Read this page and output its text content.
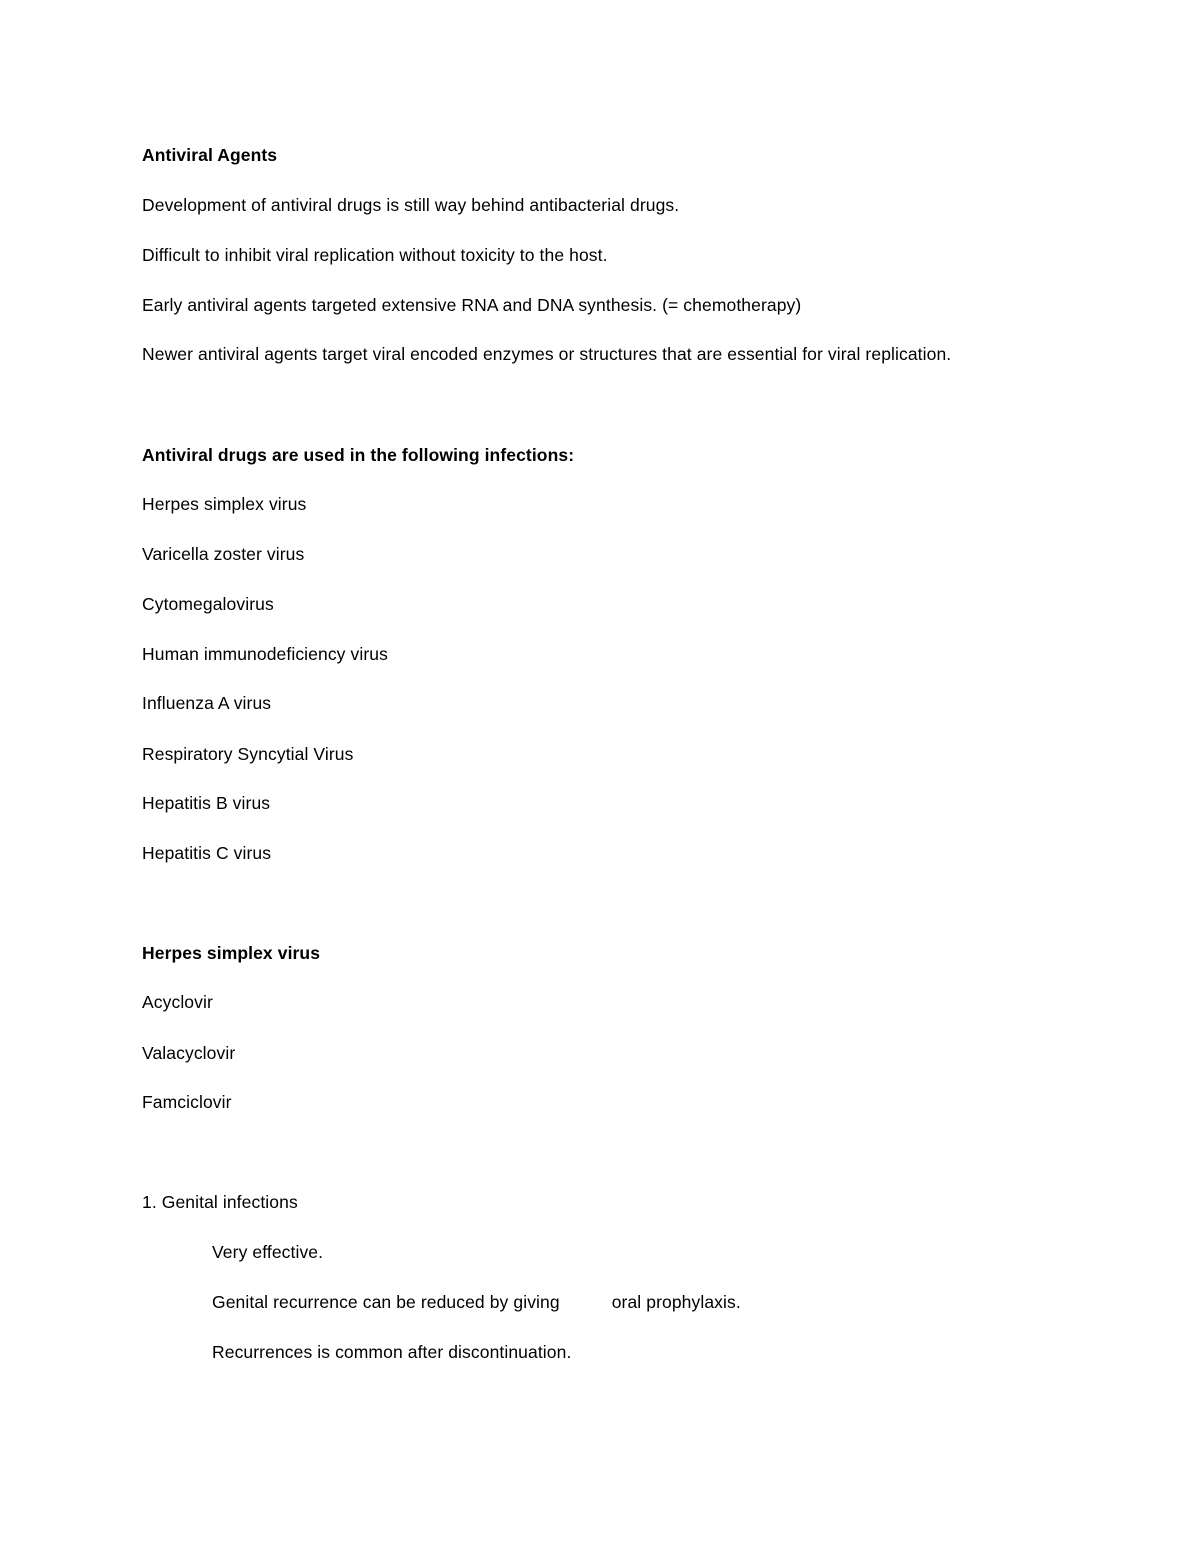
Antiviral Agents
Development of antiviral drugs is still way behind antibacterial drugs.
Difficult to inhibit viral replication without toxicity to the host.
Early antiviral agents targeted extensive RNA and DNA synthesis. (= chemotherapy)
Newer antiviral agents target viral encoded enzymes or structures that are essential for viral replication.
Antiviral drugs are used in the following infections:
Herpes simplex virus
Varicella zoster virus
Cytomegalovirus
Human immunodeficiency virus
Influenza A virus
Respiratory Syncytial Virus
Hepatitis B virus
Hepatitis C virus
Herpes simplex virus
Acyclovir
Valacyclovir
Famciclovir
1. Genital infections
Very effective.
Genital recurrence can be reduced by giving	oral prophylaxis.
Recurrences is common after discontinuation.
